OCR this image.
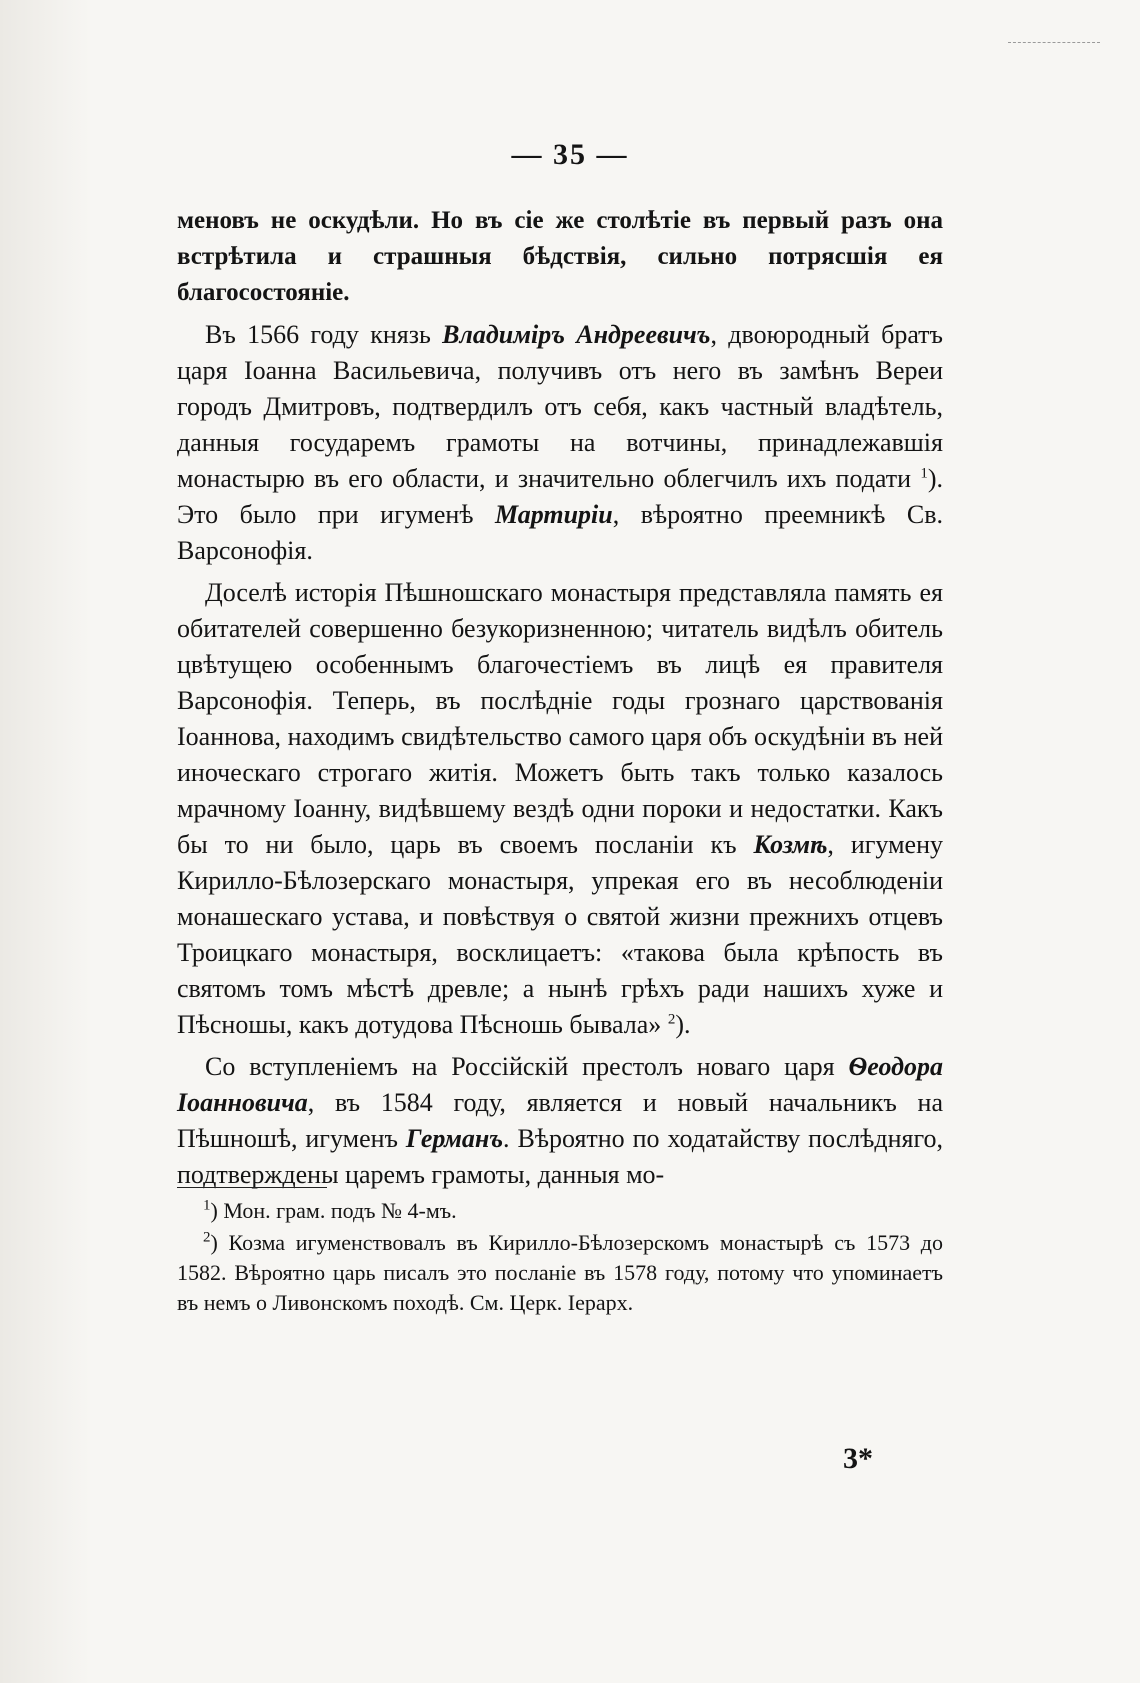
— 35 —

меновъ не оскудѣли. Но въ сіе же столѣтіе въ первый разъ она встрѣтила и страшныя бѣдствія, сильно потрясшія ея благосостояніе.

Въ 1566 году князь Владимiръ Андреевичъ, двоюродный братъ царя Іоанна Васильевича, получивъ отъ него въ замѣнъ Вереи городъ Дмитровъ, подтвердилъ отъ себя, какъ частный владѣтель, данныя государемъ грамоты на вотчины, принадлежавшія монастырю въ его области, и значительно облегчилъ ихъ подати $^1$). Это было при игуменѣ Мартиріи, вѣроятно преемникѣ Св. Варсонофія.

Доселѣ исторія Пѣшношскаго монастыря представляла память ея обитателей совершенно безукоризненною; читатель видѣлъ обитель цвѣтущею особеннымъ благочестіемъ въ лицѣ ея правителя Варсонофія. Теперь, въ послѣдніе годы грознаго царствованія Іоаннова, находимъ свидѣтельство самого царя объ оскудѣніи въ ней иноческаго строгаго житія. Можетъ быть такъ только казалось мрачному Іоанну, видѣвшему вездѣ одни пороки и недостатки. Какъ бы то ни было, царь въ своемъ посланіи къ Козмѣ, игумену Кирилло-Бѣлозерскаго монастыря, упрекая его въ несоблюденіи монашескаго устава, и повѣствуя о святой жизни прежнихъ отцевъ Троицкаго монастыря, восклицаетъ: «такова была крѣпость въ святомъ томъ мѣстѣ древле; а нынѣ грѣхъ ради нашихъ хуже и Пѣсношы, какъ дотудова Пѣсношь бывала» $^2$).

Со вступленіемъ на Россійскій престолъ новаго царя Ѳеодора Іоанновича, въ 1584 году, является и новый начальникъ на Пѣшношѣ, игуменъ Германъ. Вѣроятно по ходатайству послѣдняго, подтверждены царемъ грамоты, данныя мо-

$^1$) Мон. грам. подъ № 4-мъ.

$^2$) Козма игуменствовалъ въ Кирилло-Бѣлозерскомъ монастырѣ съ 1573 до 1582. Вѣроятно царь писалъ это посланіе въ 1578 году, потому что упоминаетъ въ немъ о Ливонскомъ походѣ. См. Церк. Іерарх.

3*
